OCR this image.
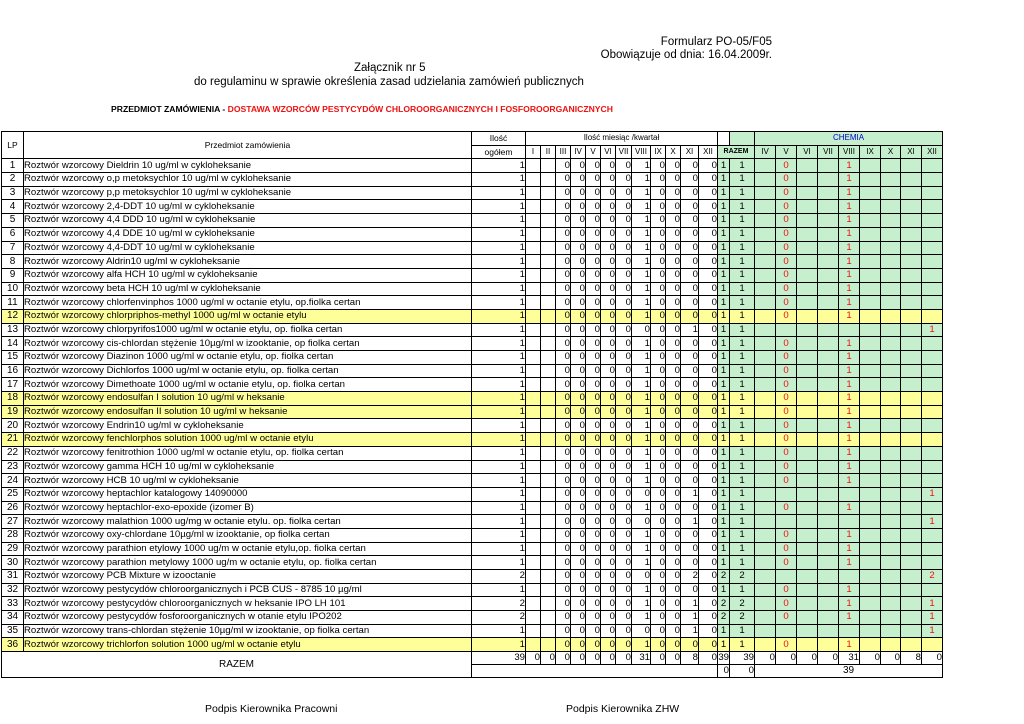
Formularz PO-05/F05
Obowiązuje od dnia: 16.04.2009r.
Załącznik nr 5
do regulaminu w sprawie określenia zasad udzielania zamówień publicznych
PRZEDMIOT ZAMÓWIENIA - DOSTAWA WZORCÓW PESTYCYDÓW CHLOROORGANICZNYCH I FOSFOROORGANICZNYCH
LP	Przedmiot zamówienia	Ilość	Ilość miesiąc /kwartał														CHEMIA								
		ogółem	I	II	III	IV	V	VI	VII	VIII	IX	X	XI	XII	RAZEM		IV	V	VI	VII	VIII	IX	X	XI	XII
1	Roztwór wzorcowy Dieldrin 10 ug/ml w cykloheksanie	1			0	0	0	0	0	1	0	0	0	0	1	1		0			1				
2	Roztwór wzorcowy o,p metoksychlor 10 ug/ml w cykloheksanie	1			0	0	0	0	0	1	0	0	0	0	1	1		0			1				
3	Roztwór wzorcowy p,p metoksychlor 10 ug/ml w cykloheksanie	1			0	0	0	0	0	1	0	0	0	0	1	1		0			1				
4	Roztwór wzorcowy 2,4-DDT 10 ug/ml w cykloheksanie	1			0	0	0	0	0	1	0	0	0	0	1	1		0			1				
5	Roztwór wzorcowy 4,4 DDD 10 ug/ml w cykloheksanie	1			0	0	0	0	0	1	0	0	0	0	1	1		0			1				
6	Roztwór wzorcowy 4,4 DDE 10 ug/ml w cykloheksanie	1			0	0	0	0	0	1	0	0	0	0	1	1		0			1				
7	Roztwór wzorcowy 4,4-DDT 10 ug/ml w cykloheksanie	1			0	0	0	0	0	1	0	0	0	0	1	1		0			1				
8	Roztwór wzorcowy Aldrin10 ug/ml w cykloheksanie	1			0	0	0	0	0	1	0	0	0	0	1	1		0			1				
9	Roztwór wzorcowy alfa HCH 10 ug/ml w cykloheksanie	1			0	0	0	0	0	1	0	0	0	0	1	1		0			1				
10	Roztwór wzorcowy beta HCH 10 ug/ml w cykloheksanie	1			0	0	0	0	0	1	0	0	0	0	1	1		0			1				
11	Roztwór wzorcowy chlorfenvinphos 1000 ug/ml w octanie etylu, op.fiolka certan	1			0	0	0	0	0	1	0	0	0	0	1	1		0			1				
12	Roztwór wzorcowy chlorpriphos-methyl 1000 ug/ml w octanie etylu	1			0	0	0	0	0	1	0	0	0	0	1	1		0			1				
13	Roztwór wzorcowy chlorpyrifos1000 ug/ml w octanie etylu, op. fiolka certan	1			0	0	0	0	0	0	0	0	1	0	1	1									1
14	Roztwór wzorcowy cis-chlordan stężenie 10µg/ml w izooktanie, op fiolka certan	1			0	0	0	0	0	1	0	0	0	0	1	1		0			1				
15	Roztwór wzorcowy Diazinon 1000 ug/ml w octanie etylu, op. fiolka certan	1			0	0	0	0	0	1	0	0	0	0	1	1		0			1				
16	Roztwór wzorcowy Dichlorfos 1000 ug/ml w octanie etylu, op. fiolka certan	1			0	0	0	0	0	1	0	0	0	0	1	1		0			1				
17	Roztwór wzorcowy Dimethoate 1000 ug/ml w octanie etylu, op. fiolka certan	1			0	0	0	0	0	1	0	0	0	0	1	1		0			1				
18	Roztwór wzorcowy endosulfan I solution 10 ug/ml w heksanie	1			0	0	0	0	0	1	0	0	0	0	1	1		0			1				
19	Roztwór wzorcowy endosulfan II solution 10 ug/ml w heksanie	1			0	0	0	0	0	1	0	0	0	0	1	1		0			1				
20	Roztwór wzorcowy Endrin10 ug/ml w cykloheksanie	1			0	0	0	0	0	1	0	0	0	0	1	1		0			1				
21	Roztwór wzorcowy fenchlorphos solution 1000 ug/ml w octanie etylu	1			0	0	0	0	0	1	0	0	0	0	1	1		0			1				
22	Roztwór wzorcowy fenitrothion 1000 ug/ml w octanie etylu, op. fiolka certan	1			0	0	0	0	0	1	0	0	0	0	1	1		0			1				
23	Roztwór wzorcowy gamma HCH 10 ug/ml w cykloheksanie	1			0	0	0	0	0	1	0	0	0	0	1	1		0			1				
24	Roztwór wzorcowy HCB 10 ug/ml w cykloheksanie	1			0	0	0	0	0	1	0	0	0	0	1	1		0			1				
25	Roztwór wzorcowy heptachlor katalogowy 14090000	1			0	0	0	0	0	0	0	0	1	0	1	1									1
26	Roztwór wzorcowy heptachlor-exo-epoxide (izomer B)	1			0	0	0	0	0	1	0	0	0	0	1	1		0			1				
27	Roztwór wzorcowy malathion 1000 ug/mg w octanie etylu. op. fiolka certan	1			0	0	0	0	0	0	0	0	1	0	1	1									1
28	Roztwór wzorcowy oxy-chlordane 10µg/ml w izooktanie, op fiolka certan	1			0	0	0	0	0	1	0	0	0	0	1	1		0			1				
29	Roztwór wzorcowy parathion etylowy 1000 ug/m w octanie etylu,op. fiolka certan	1			0	0	0	0	0	1	0	0	0	0	1	1		0			1				
30	Roztwór wzorcowy parathion metylowy 1000 ug/m w octanie etylu, op. fiolka certan	1			0	0	0	0	0	1	0	0	0	0	1	1		0			1				
31	Roztwór wzorcowy PCB Mixture w izooctanie	2			0	0	0	0	0	0	0	0	2	0	2	2									2
32	Roztwór wzorcowy pestycydów chloroorganicznych i PCB CUS - 8785 10 µg/ml	1			0	0	0	0	0	1	0	0	0	0	1	1		0			1				
33	Roztwór wzorcowy pestycydów chloroorganicznych w heksanie IPO LH 101	2			0	0	0	0	0	1	0	0	1	0	2	2		0			1				1
34	Roztwór wzorcowy pestycydów fosforoorganicznych w otanie etylu IPO202	2			0	0	0	0	0	1	0	0	1	0	2	2		0			1				1
35	Roztwór wzorcowy trans-chlordan stężenie 10µg/ml w izooktanie, op fiolka certan	1			0	0	0	0	0	0	0	0	1	0	1	1									1
36	Roztwór wzorcowy trichlorfon solution 1000 ug/ml w octanie etylu	1			0	0	0	0	0	1	0	0	0	0	1	1		0			1				
RAZEM		39	0	0	0	0	0	0	0	31	0	0	8	0	39	39	0	0	0	0	31	0	0	8	0
															0	0	39								
Podpis Kierownika Pracowni	Podpis Kierownika ZHW
